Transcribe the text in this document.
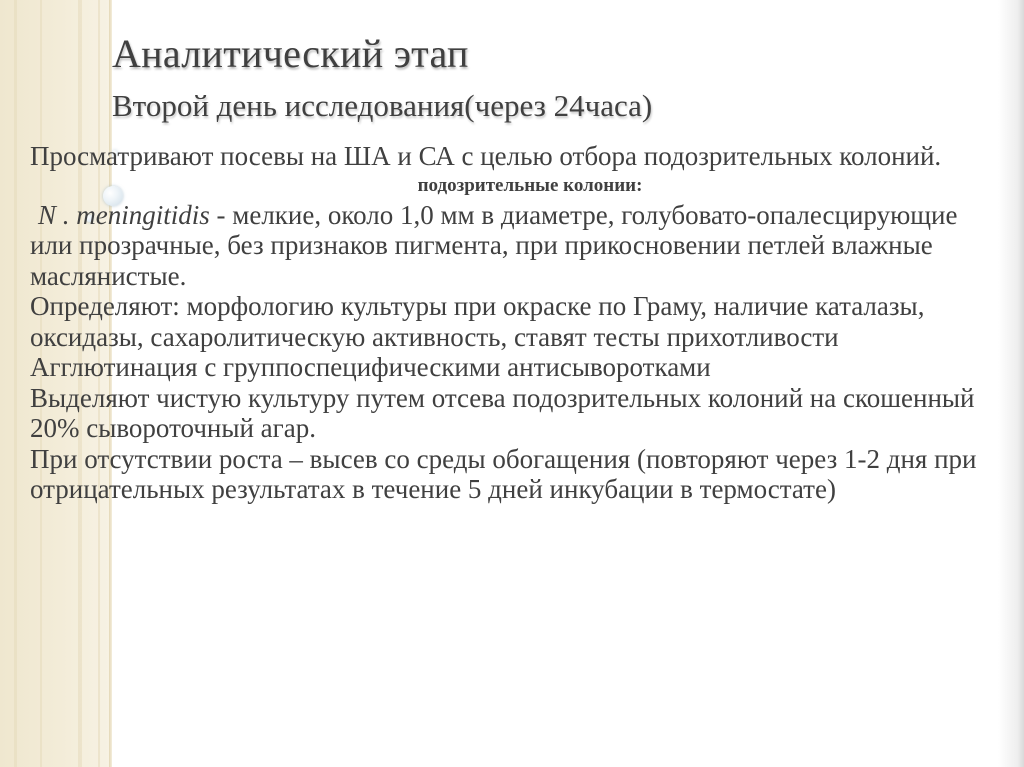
Аналитический этап
Второй день исследования(через 24часа)

Просматривают посевы на ША и СА с целью отбора подозрительных колоний.

подозрительные колонии:

N . meningitidis - мелкие, около 1,0 мм в диаметре, голубовато-опалесцирующие или прозрачные, без признаков пигмента, при прикосновении петлей влажные маслянистые.

Определяют: морфологию культуры при окраске по Граму, наличие каталазы, оксидазы, сахаролитическую активность, ставят тесты прихотливости

Агглютинация с группоспецифическими антисыворотками

Выделяют чистую культуру путем отсева подозрительных колоний на скошенный 20% сывороточный агар.

При отсутствии роста – высев со среды обогащения (повторяют через 1-2 дня при отрицательных результатах в течение 5 дней инкубации в термостате)
